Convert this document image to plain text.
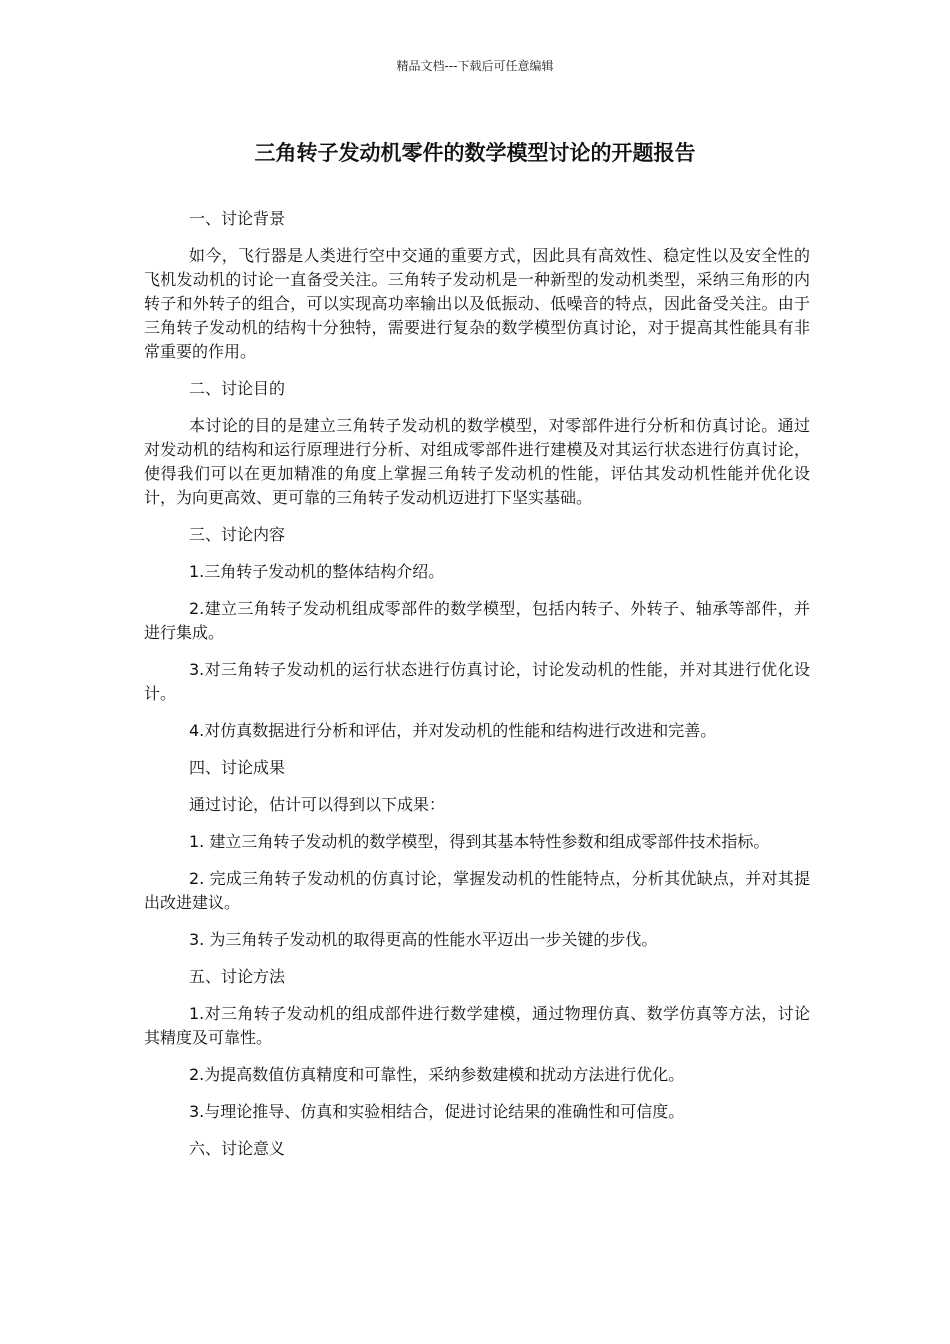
精品文档---下载后可任意编辑
三角转子发动机零件的数学模型讨论的开题报告

一、讨论背景

如今，飞行器是人类进行空中交通的重要方式，因此具有高效性、稳定性以及安全性的飞机发动机的讨论一直备受关注。三角转子发动机是一种新型的发动机类型，采纳三角形的内转子和外转子的组合，可以实现高功率输出以及低振动、低噪音的特点，因此备受关注。由于三角转子发动机的结构十分独特，需要进行复杂的数学模型仿真讨论，对于提高其性能具有非常重要的作用。

二、讨论目的

本讨论的目的是建立三角转子发动机的数学模型，对零部件进行分析和仿真讨论。通过对发动机的结构和运行原理进行分析、对组成零部件进行建模及对其运行状态进行仿真讨论，使得我们可以在更加精准的角度上掌握三角转子发动机的性能，评估其发动机性能并优化设计，为向更高效、更可靠的三角转子发动机迈进打下坚实基础。

三、讨论内容

1.三角转子发动机的整体结构介绍。

2.建立三角转子发动机组成零部件的数学模型，包括内转子、外转子、轴承等部件，并进行集成。

3.对三角转子发动机的运行状态进行仿真讨论，讨论发动机的性能，并对其进行优化设计。

4.对仿真数据进行分析和评估，并对发动机的性能和结构进行改进和完善。

四、讨论成果

通过讨论，估计可以得到以下成果：

1. 建立三角转子发动机的数学模型，得到其基本特性参数和组成零部件技术指标。

2. 完成三角转子发动机的仿真讨论，掌握发动机的性能特点，分析其优缺点，并对其提出改进建议。

3. 为三角转子发动机的取得更高的性能水平迈出一步关键的步伐。

五、讨论方法

1.对三角转子发动机的组成部件进行数学建模，通过物理仿真、数学仿真等方法，讨论其精度及可靠性。

2.为提高数值仿真精度和可靠性，采纳参数建模和扰动方法进行优化。

3.与理论推导、仿真和实验相结合，促进讨论结果的准确性和可信度。

六、讨论意义
